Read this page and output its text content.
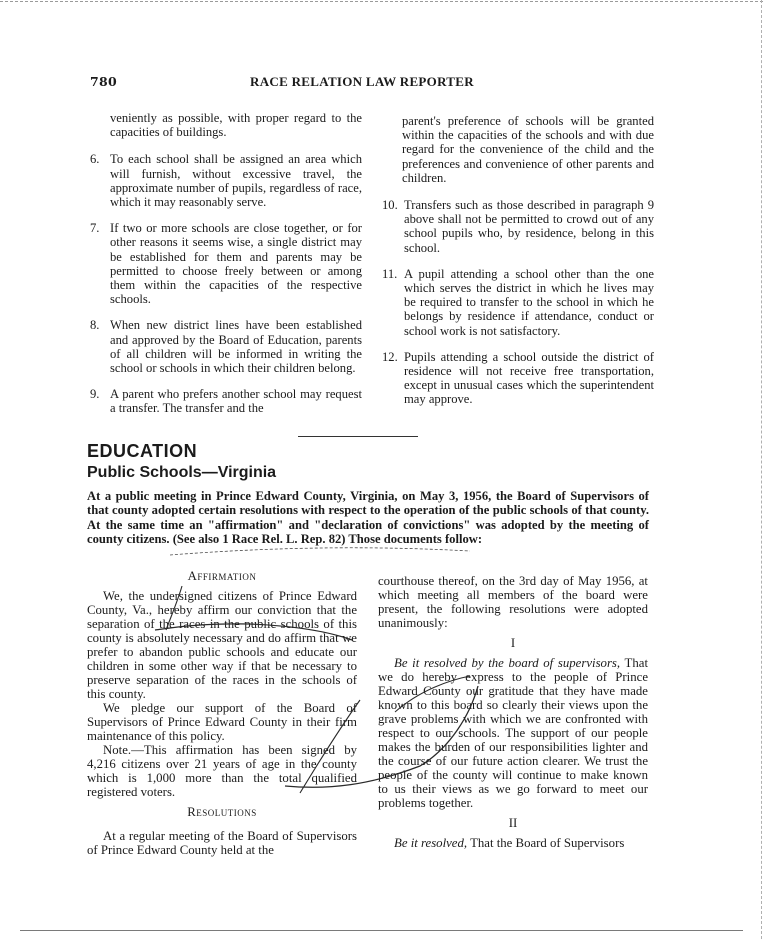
780	RACE RELATION LAW REPORTER

veniently as possible, with proper regard to the capacities of buildings.

6. To each school shall be assigned an area which will furnish, without excessive travel, the approximate number of pupils, regardless of race, which it may reasonably serve.
7. If two or more schools are close together, or for other reasons it seems wise, a single district may be established for them and parents may be permitted to choose freely between or among them within the capacities of the respective schools.
8. When new district lines have been established and approved by the Board of Education, parents of all children will be informed in writing the school or schools in which their children belong.
9. A parent who prefers another school may request a transfer. The transfer and the

parent's preference of schools will be granted within the capacities of the schools and with due regard for the convenience of the child and the preferences and convenience of other parents and children.

10. Transfers such as those described in paragraph 9 above shall not be permitted to crowd out of any school pupils who, by residence, belong in this school.
11. A pupil attending a school other than the one which serves the district in which he lives may be required to transfer to the school in which he belongs by residence if attendance, conduct or school work is not satisfactory.
12. Pupils attending a school outside the district of residence will not receive free transportation, except in unusual cases which the superintendent may approve.
EDUCATION
Public Schools—Virginia
At a public meeting in Prince Edward County, Virginia, on May 3, 1956, the Board of Supervisors of that county adopted certain resolutions with respect to the operation of the public schools of that county. At the same time an "affirmation" and "declaration of convictions" was adopted by the meeting of county citizens. (See also 1 Race Rel. L. Rep. 82) Those documents follow:
Affirmation

We, the undersigned citizens of Prince Edward County, Va., hereby affirm our conviction that the separation of the races in the public schools of this county is absolutely necessary and do affirm that we prefer to abandon public schools and educate our children in some other way if that be necessary to preserve separation of the races in the schools of this county.

We pledge our support of the Board of Supervisors of Prince Edward County in their firm maintenance of this policy.

Note.—This affirmation has been signed by 4,216 citizens over 21 years of age in the county which is 1,000 more than the total qualified registered voters.

Resolutions

At a regular meeting of the Board of Supervisors of Prince Edward County held at the

courthouse thereof, on the 3rd day of May 1956, at which meeting all members of the board were present, the following resolutions were adopted unanimously:

I

Be it resolved by the board of supervisors, That we do hereby express to the people of Prince Edward County our gratitude that they have made known to this board so clearly their views upon the grave problems with which we are confronted with respect to our schools. The support of our people makes the burden of our responsibilities lighter and the course of our future action clearer. We trust the people of the county will continue to make known to us their views as we go forward to meet our problems together.

II

Be it resolved, That the Board of Supervisors
